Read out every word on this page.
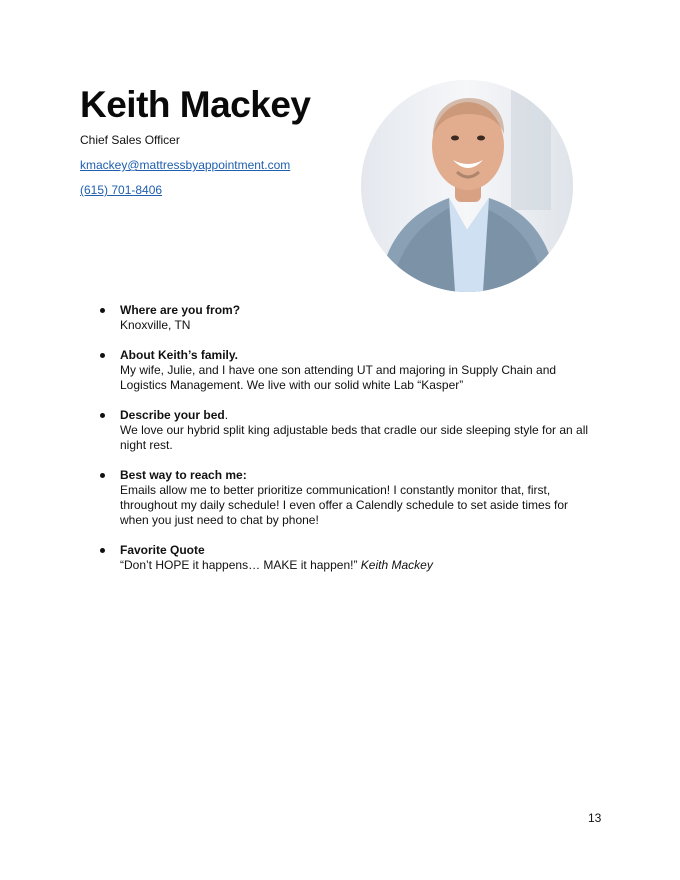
Keith Mackey
Chief Sales Officer
kmackey@mattressbyappointment.com
(615) 701-8406
Where are you from?
Knoxville, TN
About Keith’s family.
My wife, Julie, and I have one son attending UT and majoring in Supply Chain and Logistics Management. We live with our solid white Lab “Kasper”
Describe your bed.
We love our hybrid split king adjustable beds that cradle our side sleeping style for an all night rest.
Best way to reach me:
Emails allow me to better prioritize communication! I constantly monitor that, first, throughout my daily schedule! I even offer a Calendly schedule to set aside times for when you just need to chat by phone!
Favorite Quote
“Don’t HOPE it happens… MAKE it happen!” Keith Mackey
13
